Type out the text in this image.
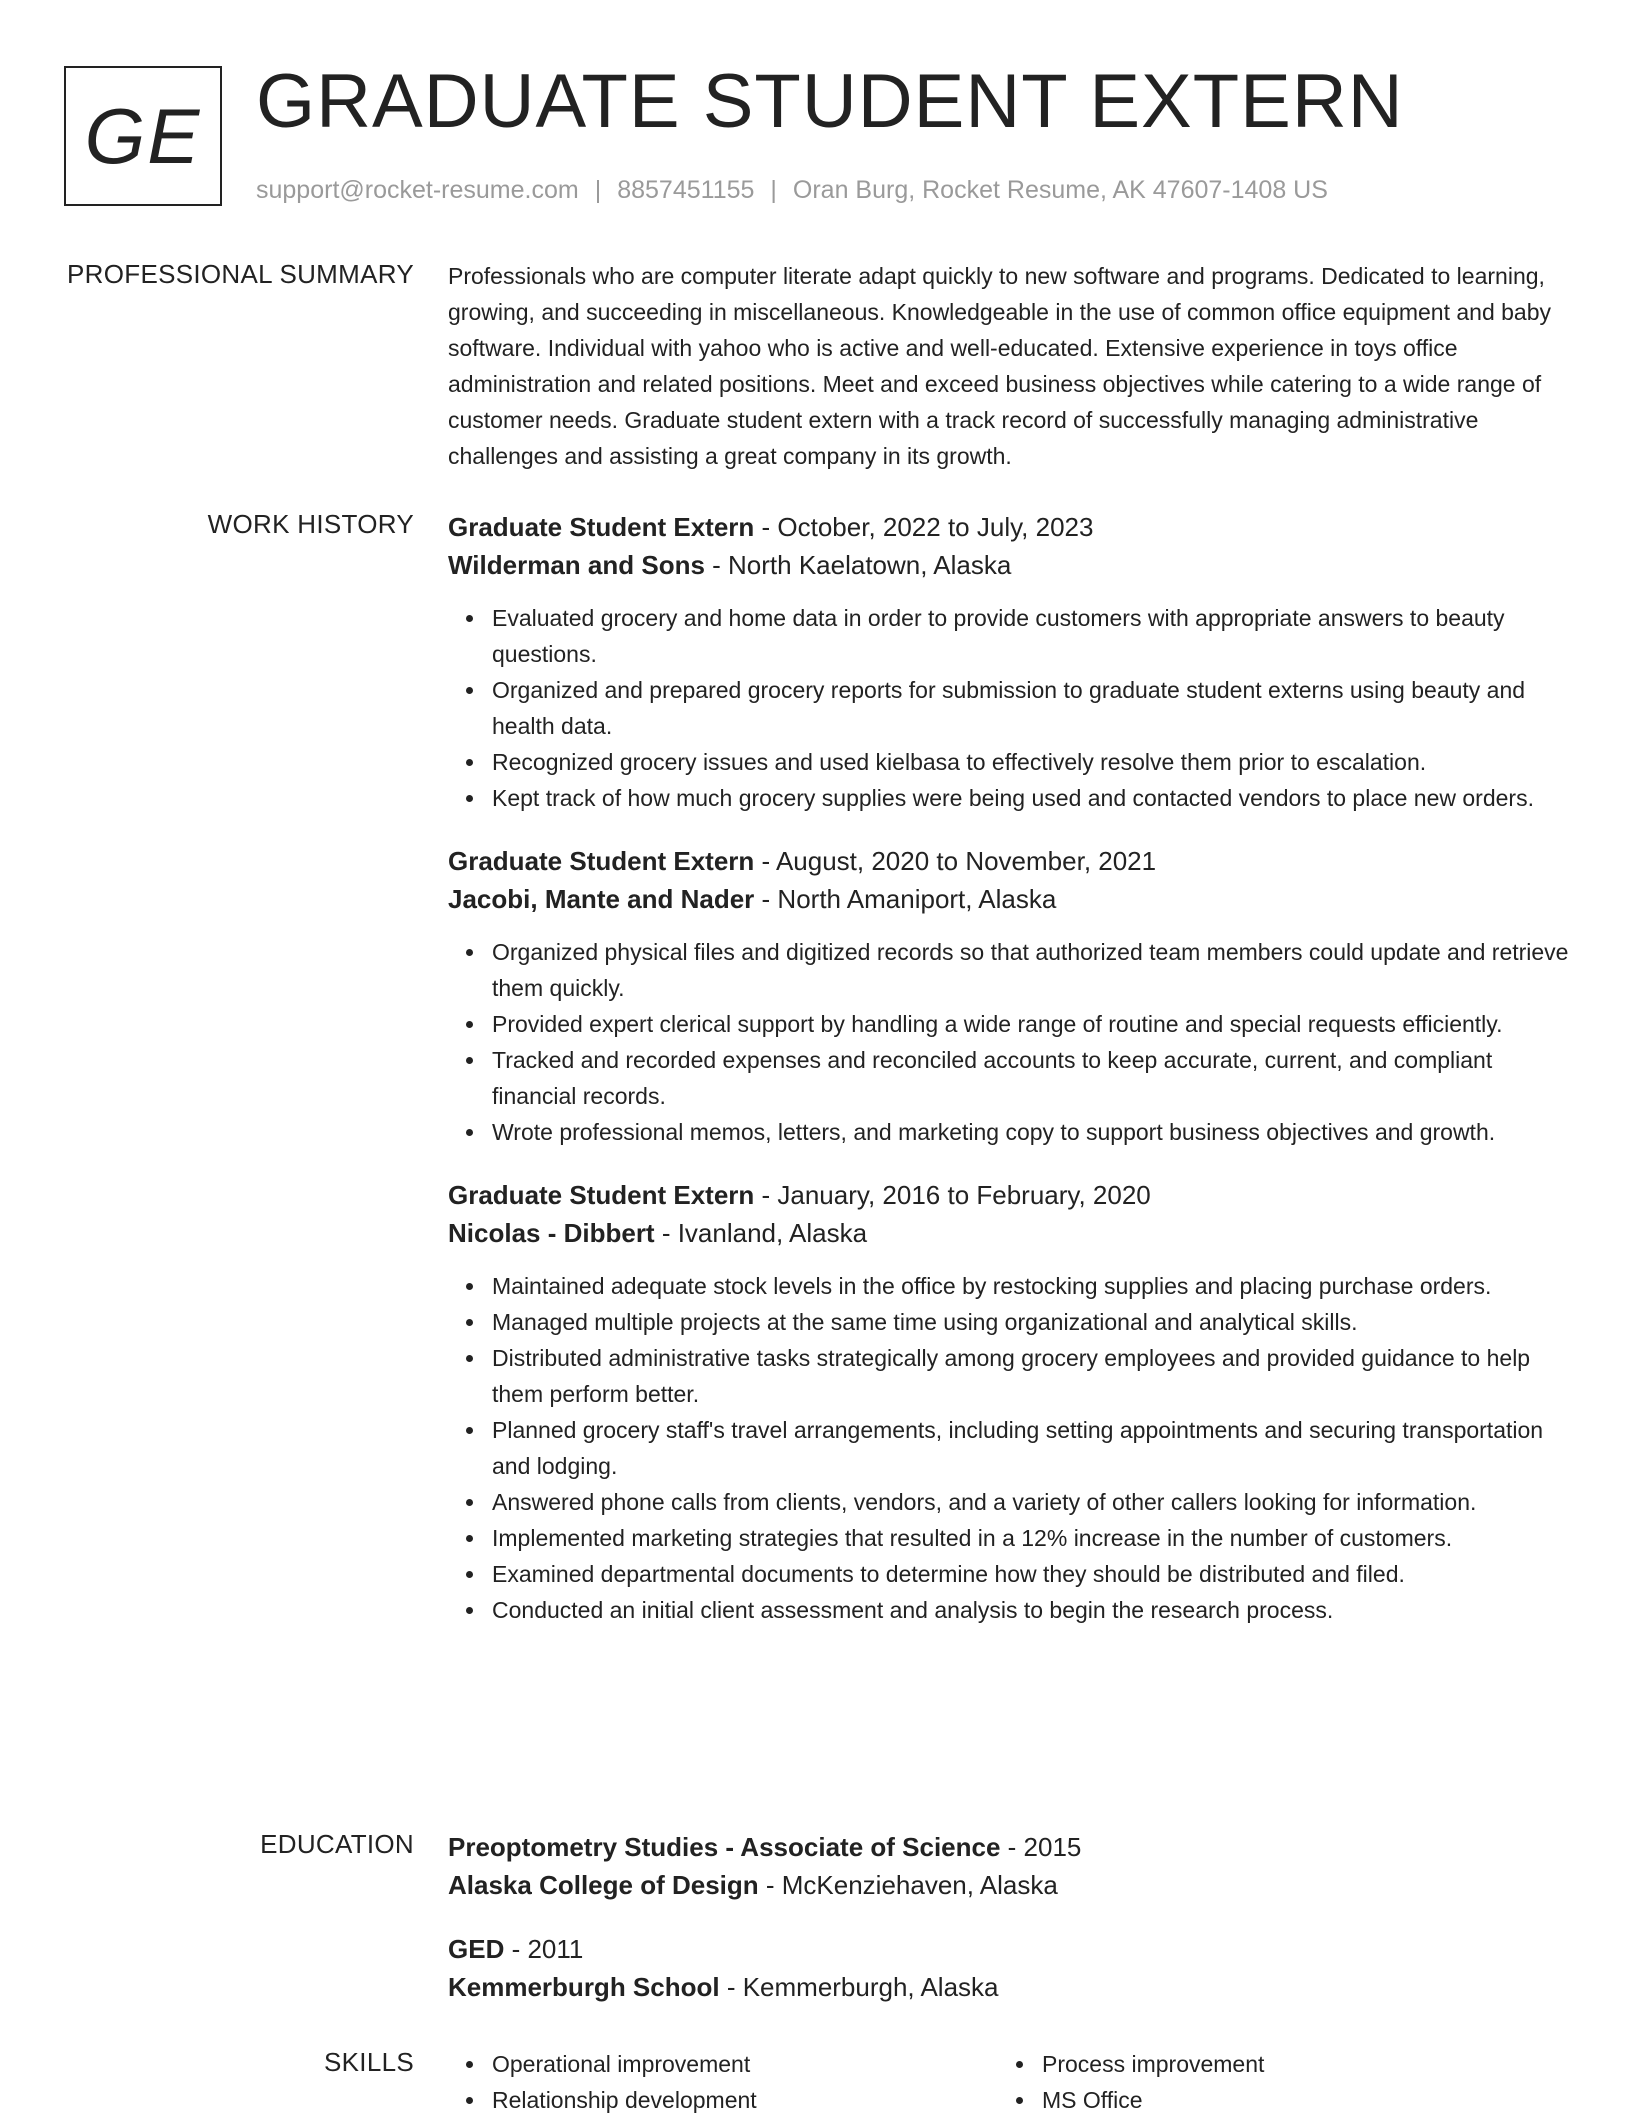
GE GRADUATE STUDENT EXTERN
support@rocket-resume.com | 8857451155 | Oran Burg, Rocket Resume, AK 47607-1408 US
PROFESSIONAL SUMMARY Professionals who are computer literate adapt quickly to new software and programs. Dedicated to learning, growing, and succeeding in miscellaneous. Knowledgeable in the use of common office equipment and baby software. Individual with yahoo who is active and well-educated. Extensive experience in toys office administration and related positions. Meet and exceed business objectives while catering to a wide range of customer needs. Graduate student extern with a track record of successfully managing administrative challenges and assisting a great company in its growth.

WORK HISTORY Graduate Student Extern - October, 2022 to July, 2023
Wilderman and Sons - North Kaelatown, Alaska
Evaluated grocery and home data in order to provide customers with appropriate answers to beauty questions.
Organized and prepared grocery reports for submission to graduate student externs using beauty and health data.
Recognized grocery issues and used kielbasa to effectively resolve them prior to escalation.
Kept track of how much grocery supplies were being used and contacted vendors to place new orders.
Graduate Student Extern - August, 2020 to November, 2021
Jacobi, Mante and Nader - North Amaniport, Alaska
Organized physical files and digitized records so that authorized team members could update and retrieve them quickly.
Provided expert clerical support by handling a wide range of routine and special requests efficiently.
Tracked and recorded expenses and reconciled accounts to keep accurate, current, and compliant financial records.
Wrote professional memos, letters, and marketing copy to support business objectives and growth.
Graduate Student Extern - January, 2016 to February, 2020
Nicolas - Dibbert - Ivanland, Alaska
Maintained adequate stock levels in the office by restocking supplies and placing purchase orders.
Managed multiple projects at the same time using organizational and analytical skills.
Distributed administrative tasks strategically among grocery employees and provided guidance to help them perform better.
Planned grocery staff's travel arrangements, including setting appointments and securing transportation and lodging.
Answered phone calls from clients, vendors, and a variety of other callers looking for information.
Implemented marketing strategies that resulted in a 12% increase in the number of customers.
Examined departmental documents to determine how they should be distributed and filed.
Conducted an initial client assessment and analysis to begin the research process.
EDUCATION Preoptometry Studies - Associate of Science - 2015
Alaska College of Design - McKenziehaven, Alaska
GED - 2011
Kemmerburgh School - Kemmerburgh, Alaska
SKILLS	Operational improvement
Relationship development
Process improvement
MS Office
